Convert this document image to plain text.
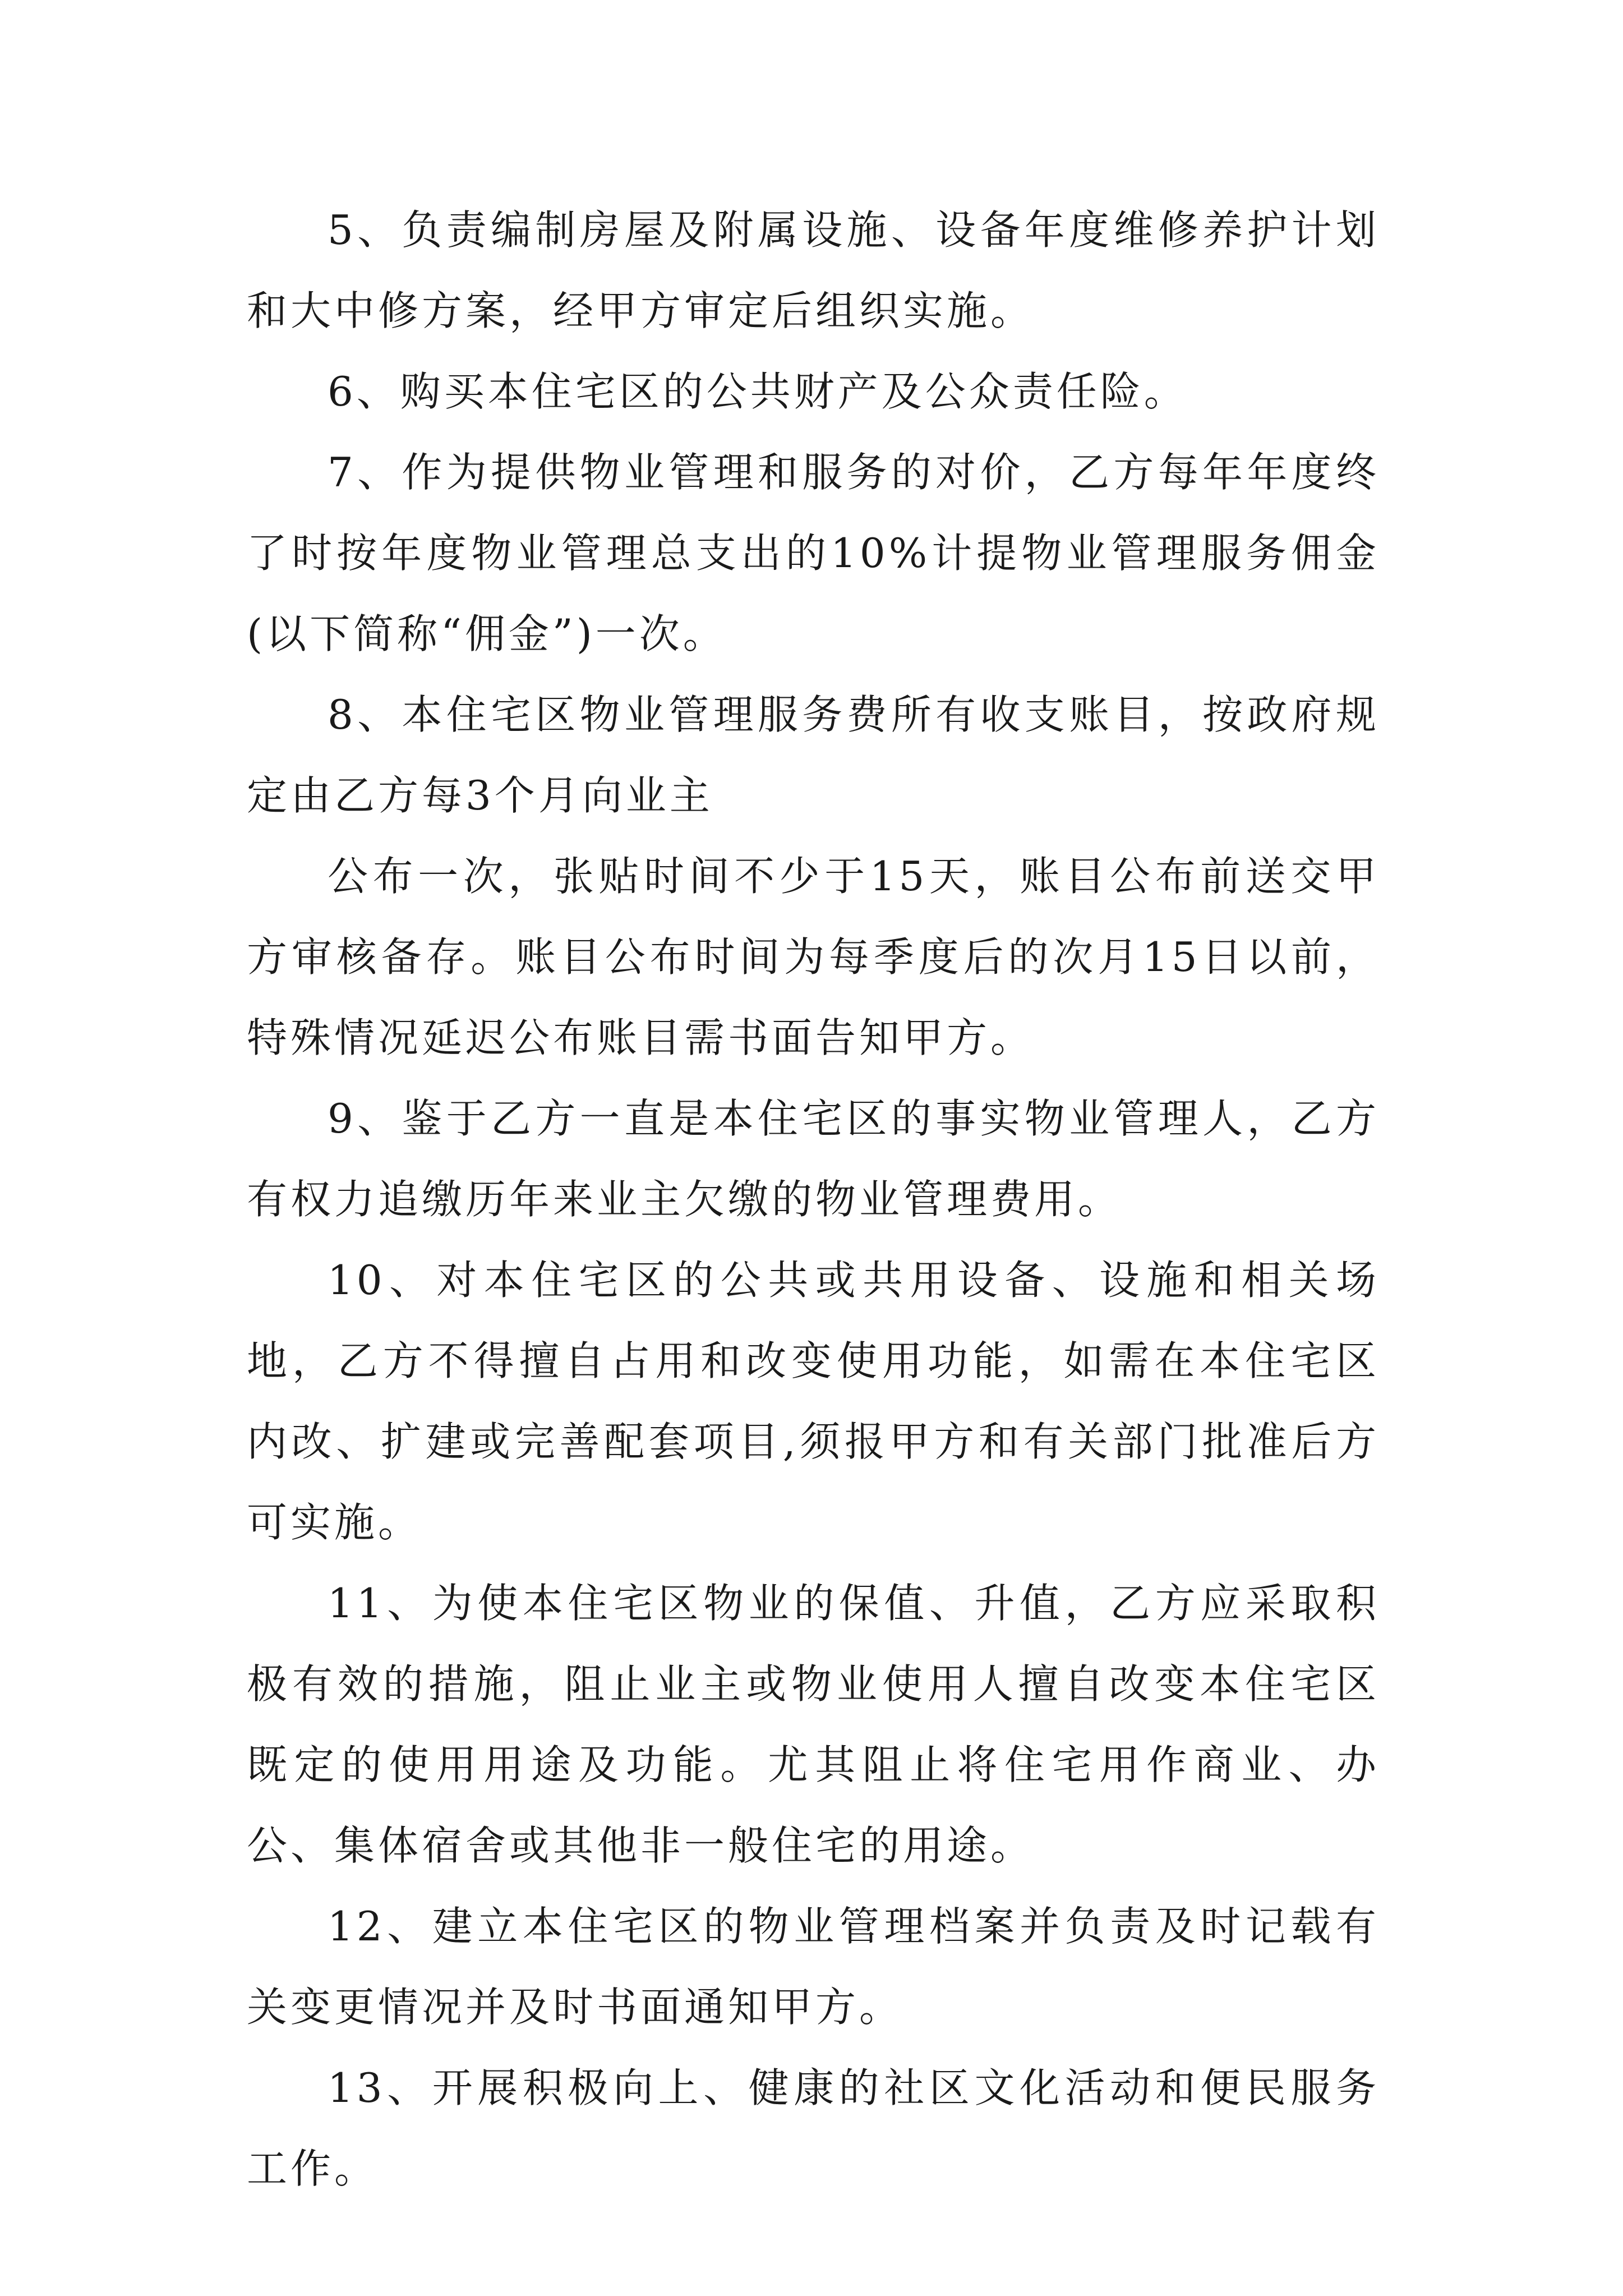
5、负责编制房屋及附属设施、设备年度维修养护计划和大中修方案，经甲方审定后组织实施。

6、购买本住宅区的公共财产及公众责任险。

7、作为提供物业管理和服务的对价，乙方每年年度终了时按年度物业管理总支出的10%计提物业管理服务佣金(以下简称“佣金”)一次。

8、本住宅区物业管理服务费所有收支账目，按政府规定由乙方每3个月向业主

公布一次，张贴时间不少于15天，账目公布前送交甲方审核备存。账目公布时间为每季度后的次月15日以前，特殊情况延迟公布账目需书面告知甲方。

9、鉴于乙方一直是本住宅区的事实物业管理人，乙方有权力追缴历年来业主欠缴的物业管理费用。

10、对本住宅区的公共或共用设备、设施和相关场地，乙方不得擅自占用和改变使用功能，如需在本住宅区内改、扩建或完善配套项目,须报甲方和有关部门批准后方可实施。

11、为使本住宅区物业的保值、升值，乙方应采取积极有效的措施，阻止业主或物业使用人擅自改变本住宅区既定的使用用途及功能。尤其阻止将住宅用作商业、办公、集体宿舍或其他非一般住宅的用途。

12、建立本住宅区的物业管理档案并负责及时记载有关变更情况并及时书面通知甲方。

13、开展积极向上、健康的社区文化活动和便民服务工作。
